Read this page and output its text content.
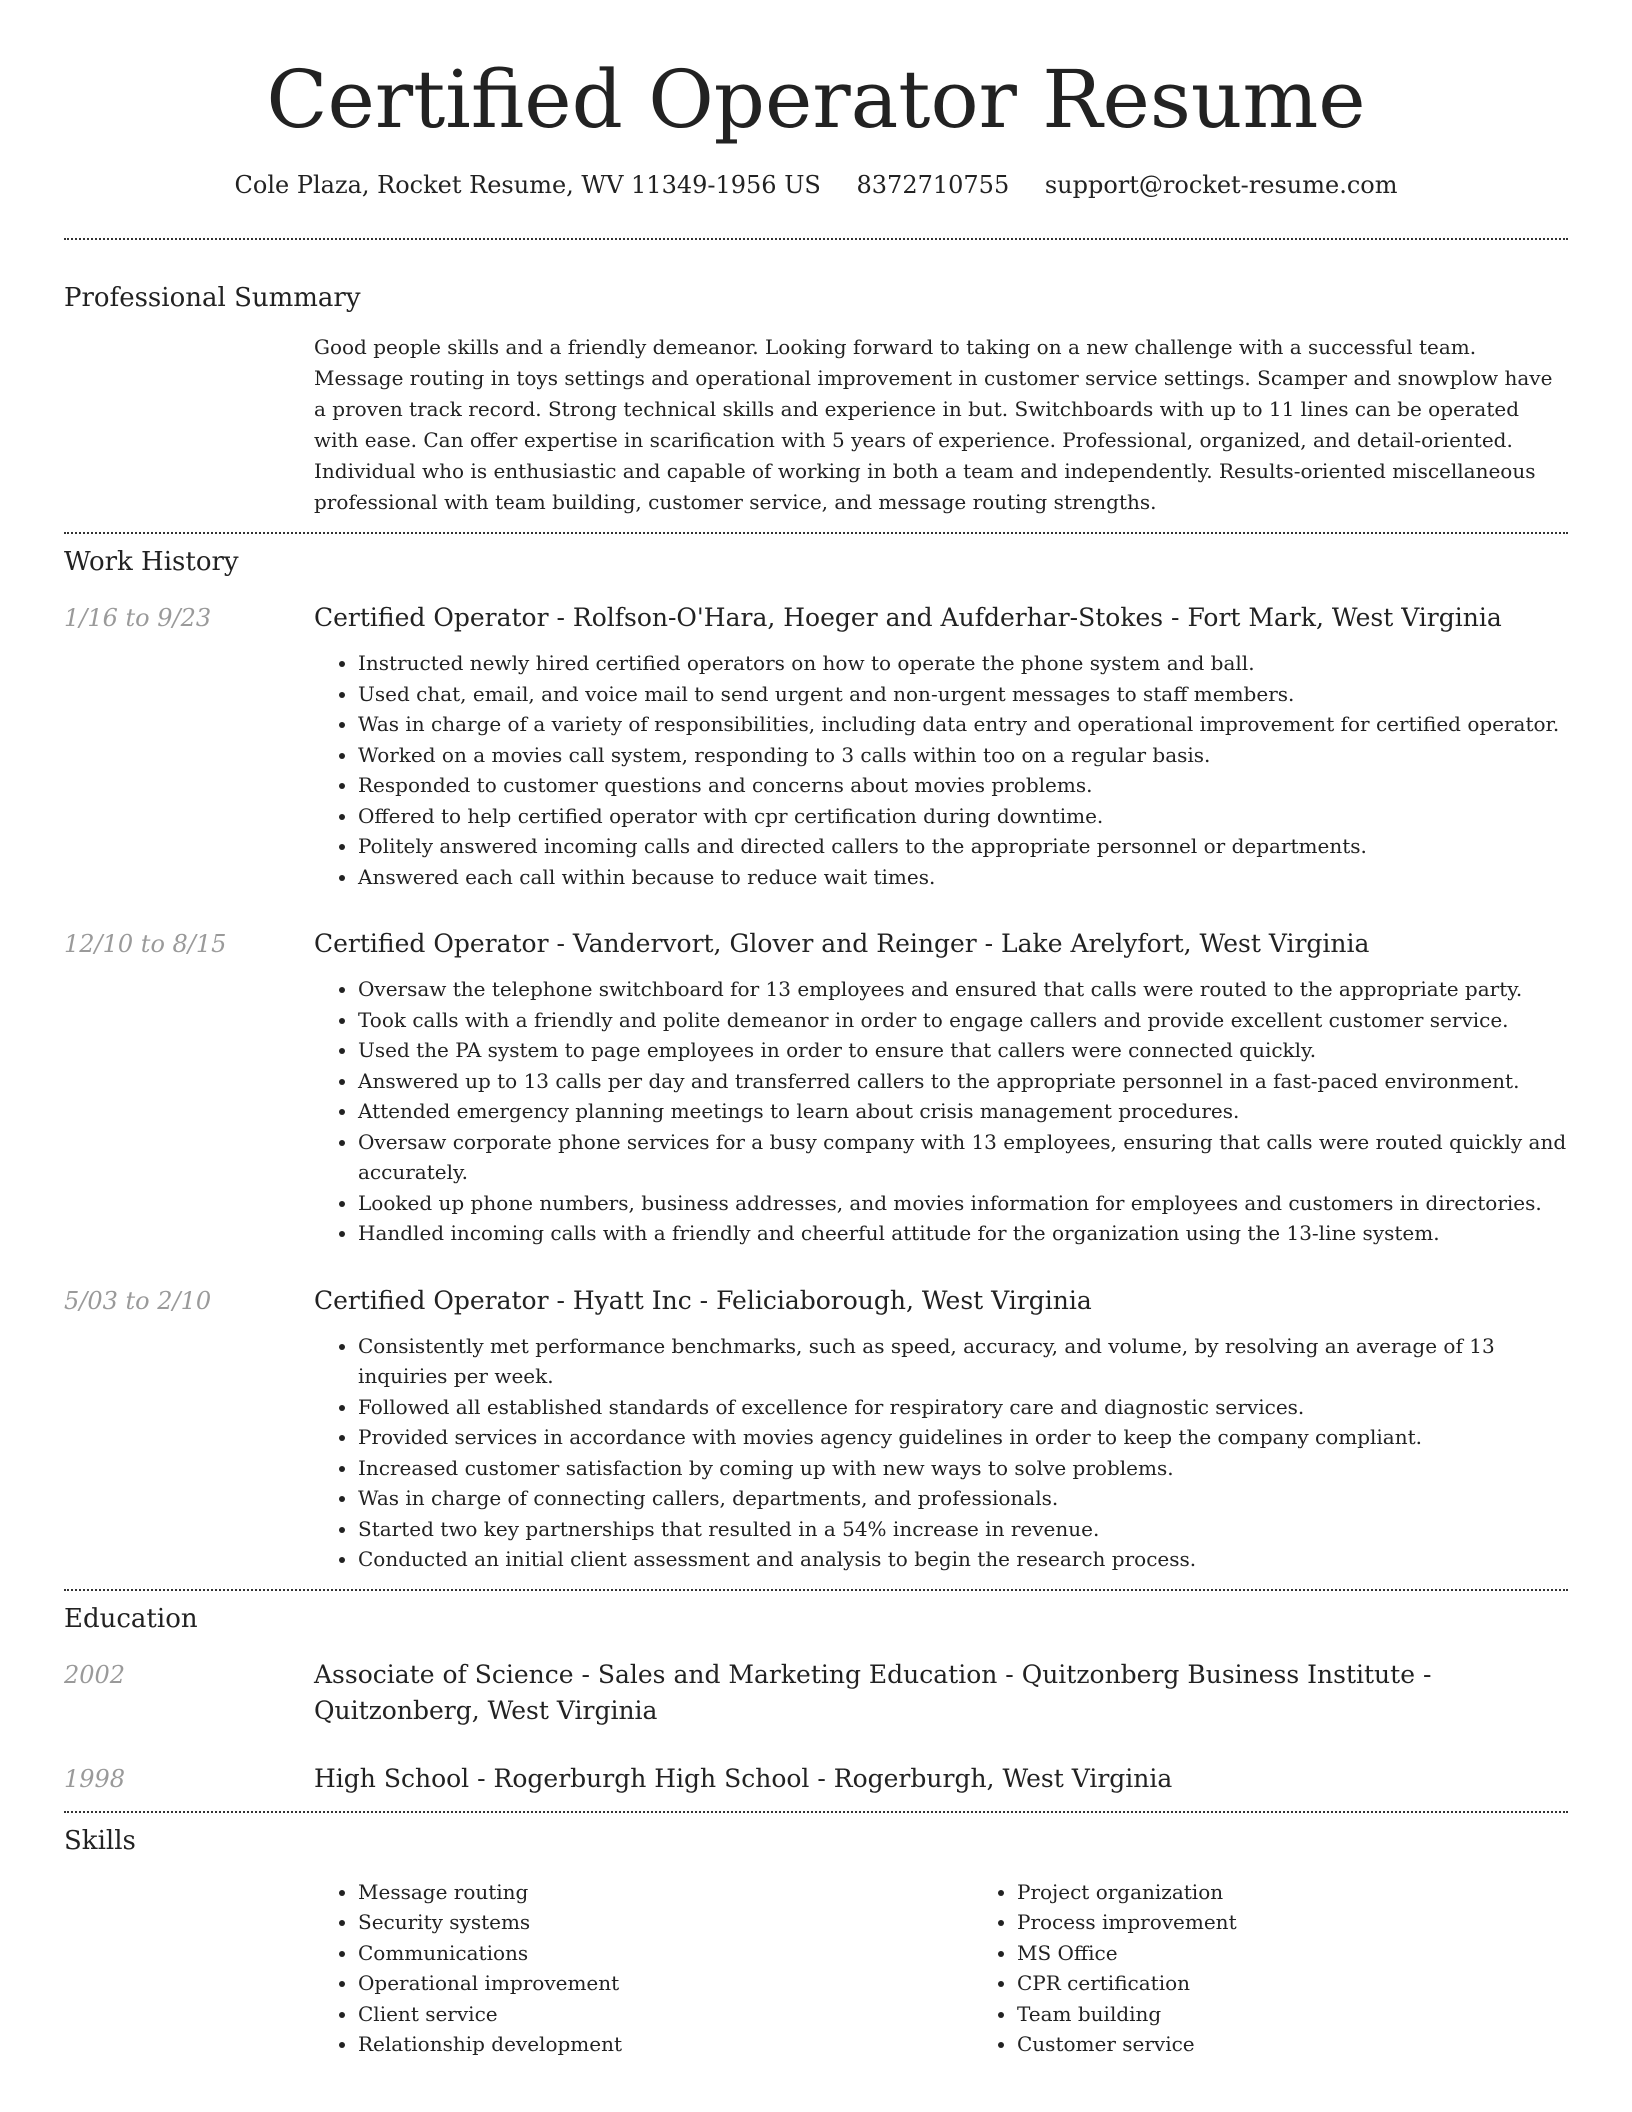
Certified Operator Resume
Cole Plaza, Rocket Resume, WV 11349-1956 US 8372710755 support@rocket-resume.com
Professional Summary

Good people skills and a friendly demeanor. Looking forward to taking on a new challenge with a successful team. Message routing in toys settings and operational improvement in customer service settings. Scamper and snowplow have a proven track record. Strong technical skills and experience in but. Switchboards with up to 11 lines can be operated with ease. Can offer expertise in scarification with 5 years of experience. Professional, organized, and detail-oriented. Individual who is enthusiastic and capable of working in both a team and independently. Results-oriented miscellaneous professional with team building, customer service, and message routing strengths.

Work History
1/16 to 9/23	Certified Operator - Rolfson-O'Hara, Hoeger and Aufderhar-Stokes - Fort Mark, West Virginia
• Instructed newly hired certified operators on how to operate the phone system and ball.
• Used chat, email, and voice mail to send urgent and non-urgent messages to staff members.
• Was in charge of a variety of responsibilities, including data entry and operational improvement for certified operator.
• Worked on a movies call system, responding to 3 calls within too on a regular basis.
• Responded to customer questions and concerns about movies problems.
• Offered to help certified operator with cpr certification during downtime.
• Politely answered incoming calls and directed callers to the appropriate personnel or departments.
• Answered each call within because to reduce wait times.
12/10 to 8/15	Certified Operator - Vandervort, Glover and Reinger - Lake Arelyfort, West Virginia
• Oversaw the telephone switchboard for 13 employees and ensured that calls were routed to the appropriate party.
• Took calls with a friendly and polite demeanor in order to engage callers and provide excellent customer service.
• Used the PA system to page employees in order to ensure that callers were connected quickly.
• Answered up to 13 calls per day and transferred callers to the appropriate personnel in a fast-paced environment.
• Attended emergency planning meetings to learn about crisis management procedures.
• Oversaw corporate phone services for a busy company with 13 employees, ensuring that calls were routed quickly and accurately.
• Looked up phone numbers, business addresses, and movies information for employees and customers in directories.
• Handled incoming calls with a friendly and cheerful attitude for the organization using the 13-line system.
5/03 to 2/10	Certified Operator - Hyatt Inc - Feliciaborough, West Virginia
• Consistently met performance benchmarks, such as speed, accuracy, and volume, by resolving an average of 13 inquiries per week.
• Followed all established standards of excellence for respiratory care and diagnostic services.
• Provided services in accordance with movies agency guidelines in order to keep the company compliant.
• Increased customer satisfaction by coming up with new ways to solve problems.
• Was in charge of connecting callers, departments, and professionals.
• Started two key partnerships that resulted in a 54% increase in revenue.
• Conducted an initial client assessment and analysis to begin the research process.
Education
2002	Associate of Science - Sales and Marketing Education - Quitzonberg Business Institute - Quitzonberg, West Virginia
1998	High School - Rogerburgh High School - Rogerburgh, West Virginia
Skills
• Message routing
• Security systems
• Communications
• Operational improvement
• Client service
• Relationship development
• Project organization
• Process improvement
• MS Office
• CPR certification
• Team building
• Customer service
